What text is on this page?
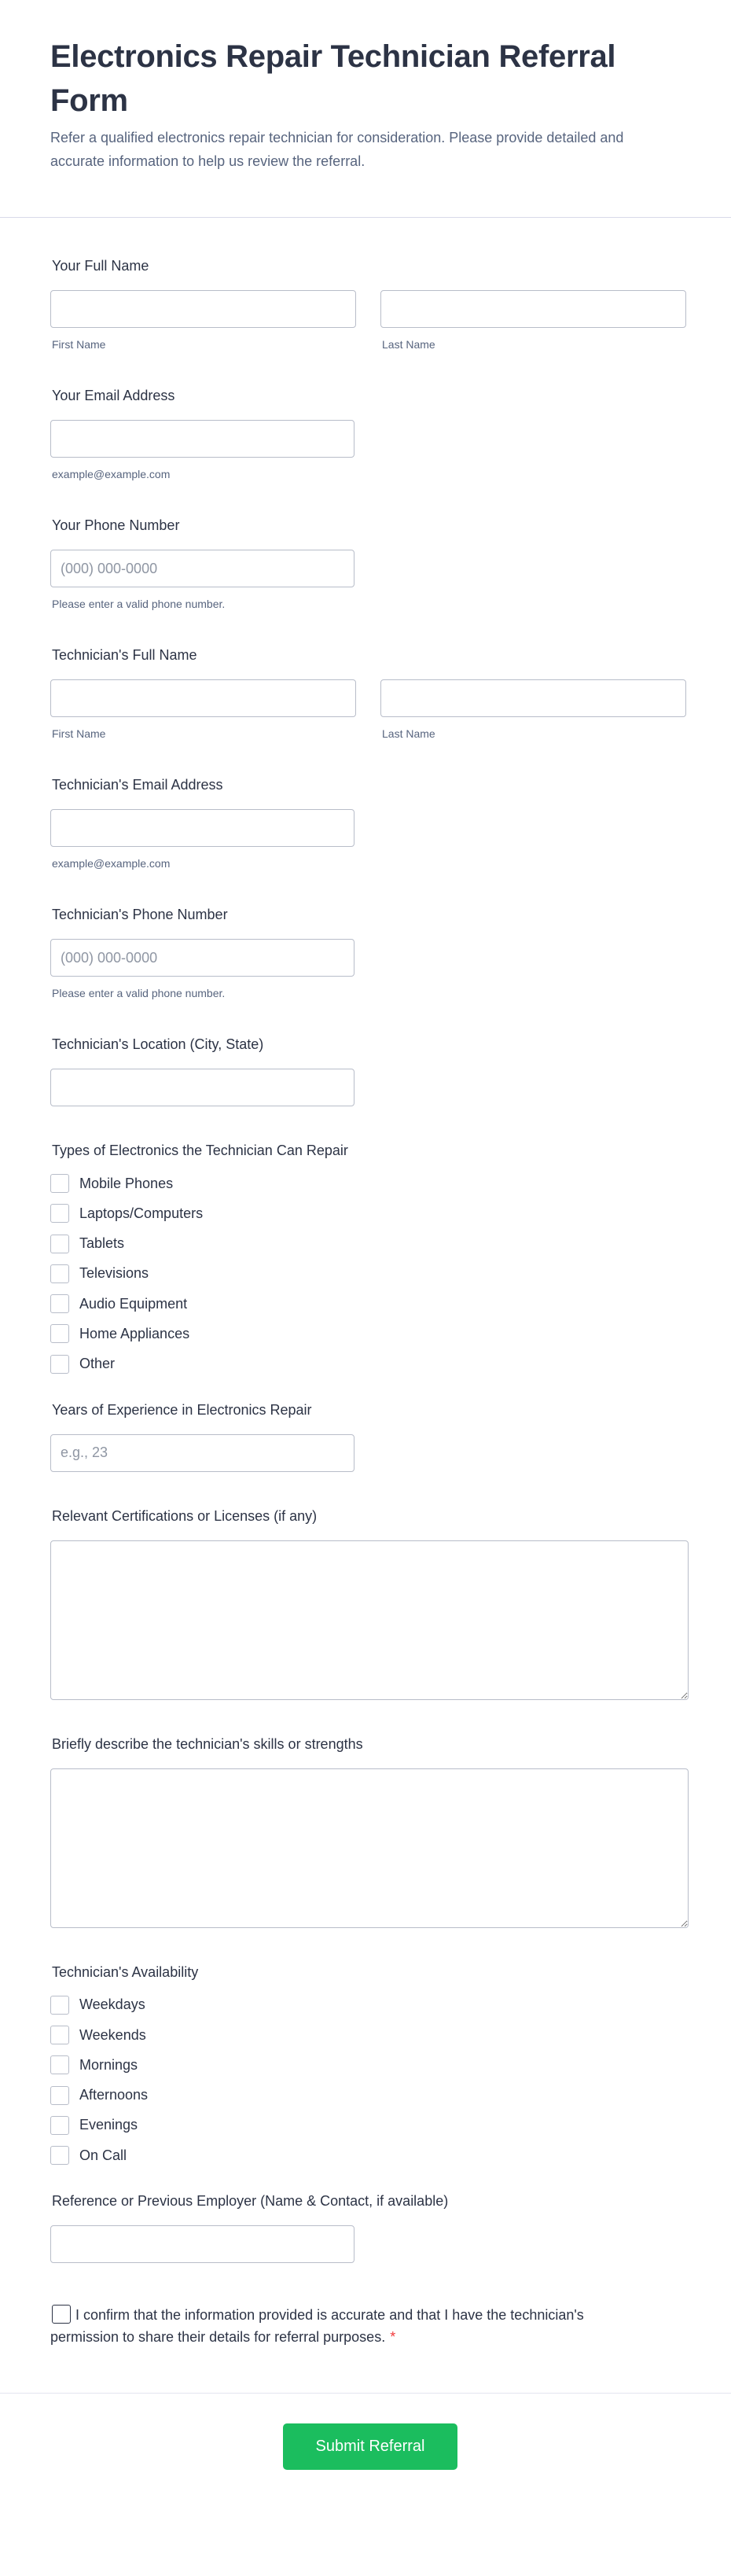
Electronics Repair Technician Referral Form

Refer a qualified electronics repair technician for consideration. Please provide detailed and accurate information to help us review the referral.

Your Full Name
First Name	Last Name
Your Email Address
example@example.com
Your Phone Number
(000) 000-0000
Please enter a valid phone number.
Technician's Full Name
First Name	Last Name
Technician's Email Address
example@example.com
Technician's Phone Number
(000) 000-0000
Please enter a valid phone number.
Technician's Location (City, State)
Types of Electronics the Technician Can Repair
Mobile Phones
Laptops/Computers
Tablets
Televisions
Audio Equipment
Home Appliances
Other
Years of Experience in Electronics Repair
e.g., 23
Relevant Certifications or Licenses (if any)
Briefly describe the technician's skills or strengths
Technician's Availability
Weekdays
Weekends
Mornings
Afternoons
Evenings
On Call
Reference or Previous Employer (Name & Contact, if available)
I confirm that the information provided is accurate and that I have the technician's permission to share their details for referral purposes. *
Submit Referral
